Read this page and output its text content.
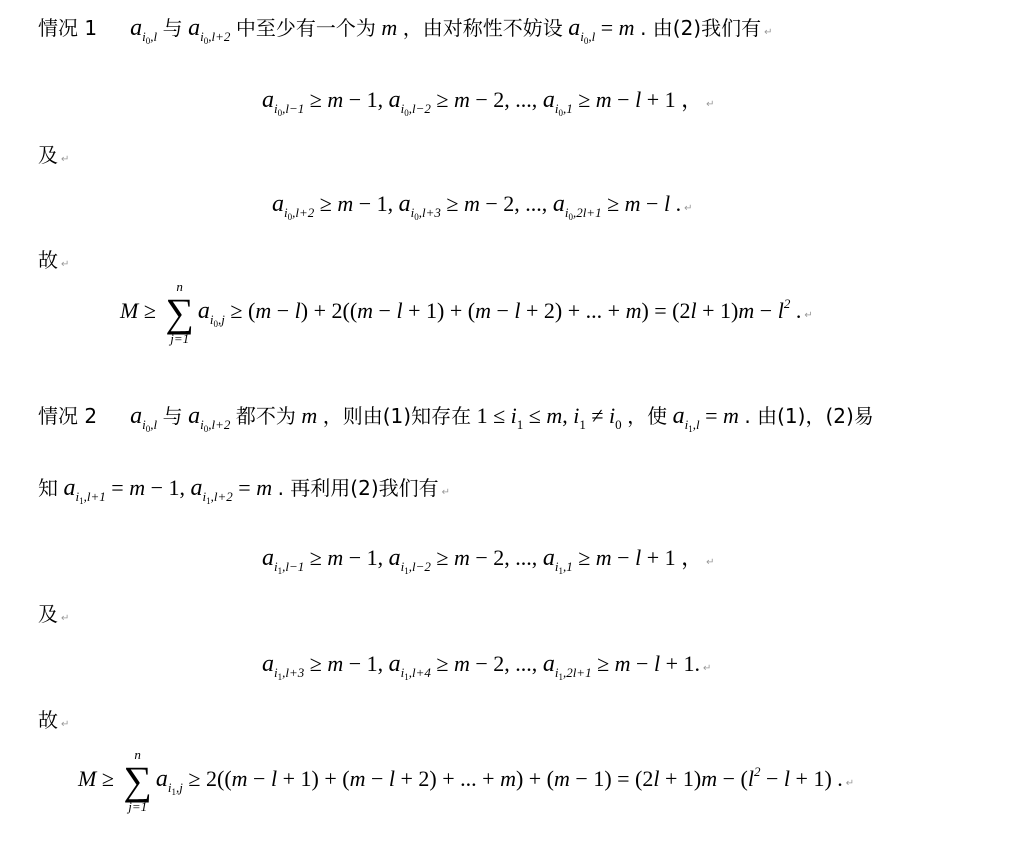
情况 1 $a_{i_0,l}$ 与 $a_{i_0,l+2}$ 中至少有一个为 m ，由对称性不妨设 $a_{i_0,l} = m$ . 由(2)我们有 ↵
$a_{i_0,l-1} \ge m - 1$, $a_{i_0,l-2} \ge m - 2$, ..., $a_{i_0,1} \ge m - l + 1$ ， ↵
及 ↵
$a_{i_0,l+2} \ge m - 1$, $a_{i_0,l+3} \ge m - 2$, ..., $a_{i_0,2l+1} \ge m - l$ . ↵
故 ↵
M ≥
n
∑
j=1
$a_{i_0,j} \ge (m - l) + 2((m - l + 1) + (m - l + 2)$ + ... + $m) = (2l + 1)m - l^2$ . ↵
情况 2 $a_{i_0,l}$ 与 $a_{i_0,l+2}$ 都不为 m ，则由(1)知存在 $1 \le i_1 \le m$, $i_1 \ne i_0$ ，使 $a_{i_1,l} = m$ . 由(1)，(2)易
知 $a_{i_1,l+1} = m - 1$, $a_{i_1,l+2} = m$ . 再利用(2)我们有 ↵
$a_{i_1,l-1} \ge m - 1$, $a_{i_1,l-2} \ge m - 2$, ..., $a_{i_1,1} \ge m - l + 1$ ， ↵
及 ↵
$a_{i_1,l+3} \ge m - 1$, $a_{i_1,l+4} \ge m - 2$, ..., $a_{i_1,2l+1} \ge m - l + 1$. ↵
故 ↵
M ≥
n
∑
j=1
$a_{i_1,j} \ge 2((m - l + 1) + (m - l + 2)$ + ... + $m) + (m - 1) = (2l + 1)m - (l^2 - l + 1)$ . ↵
